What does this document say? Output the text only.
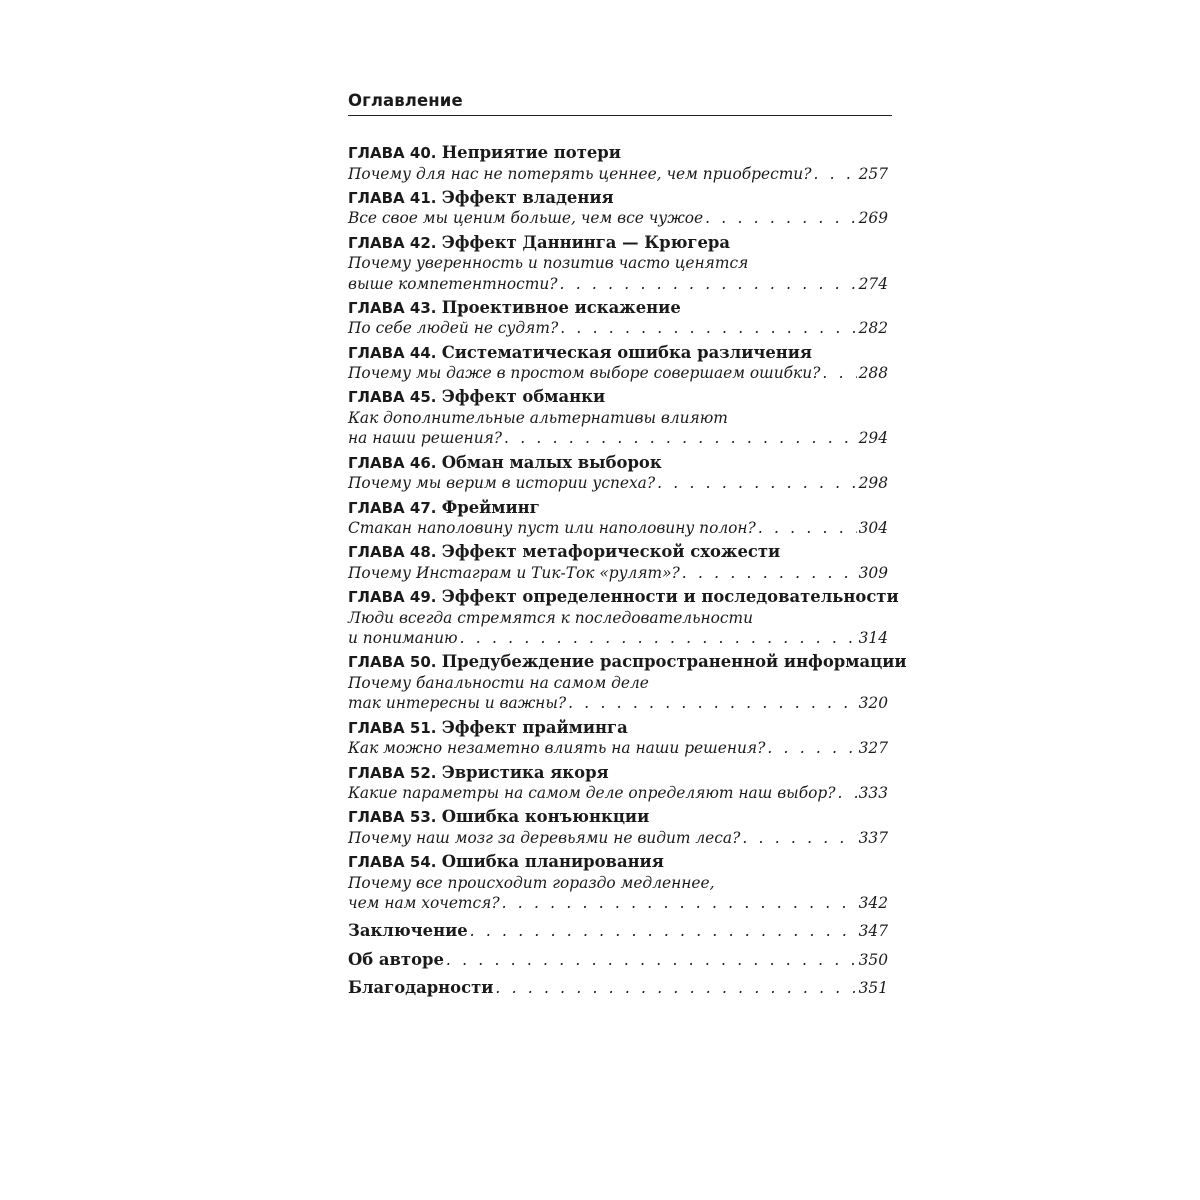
Оглавление
ГЛАВА 40. Неприятие потери
Почему для нас не потерять ценнее, чем приобрести? . . .	257
ГЛАВА 41. Эффект владения
Все свое мы ценим больше, чем все чужое . . .	269
ГЛАВА 42. Эффект Даннинга — Крюгера
Почему уверенность и позитив часто ценятся
выше компетентности? . . .	274
ГЛАВА 43. Проективное искажение
По себе людей не судят? . . .	282
ГЛАВА 44. Систематическая ошибка различения
Почему мы даже в простом выборе совершаем ошибки? . . . 288
ГЛАВА 45. Эффект обманки
Как дополнительные альтернативы влияют
на наши решения? . . .	294
ГЛАВА 46. Обман малых выборок
Почему мы верим в истории успеха? . . .	298
ГЛАВА 47. Фрейминг
Стакан наполовину пуст или наполовину полон? . . .	304
ГЛАВА 48. Эффект метафорической схожести
Почему Инстаграм и Тик-Ток «рулят»? . . .	309
ГЛАВА 49. Эффект определенности и последовательности
Люди всегда стремятся к последовательности
и пониманию . . .	314
ГЛАВА 50. Предубеждение распространенной информации
Почему банальности на самом деле
так интересны и важны? . . .	320
ГЛАВА 51. Эффект прайминга
Как можно незаметно влиять на наши решения? . . .	327
ГЛАВА 52. Эвристика якоря
Какие параметры на самом деле определяют наш выбор? . . . 333
ГЛАВА 53. Ошибка конъюнкции
Почему наш мозг за деревьями не видит леса? . . .	337
ГЛАВА 54. Ошибка планирования
Почему все происходит гораздо медленнее,
чем нам хочется? . . .	342
Заключение . . .	347
Об авторе . . .	350
Благодарности . . .	351
